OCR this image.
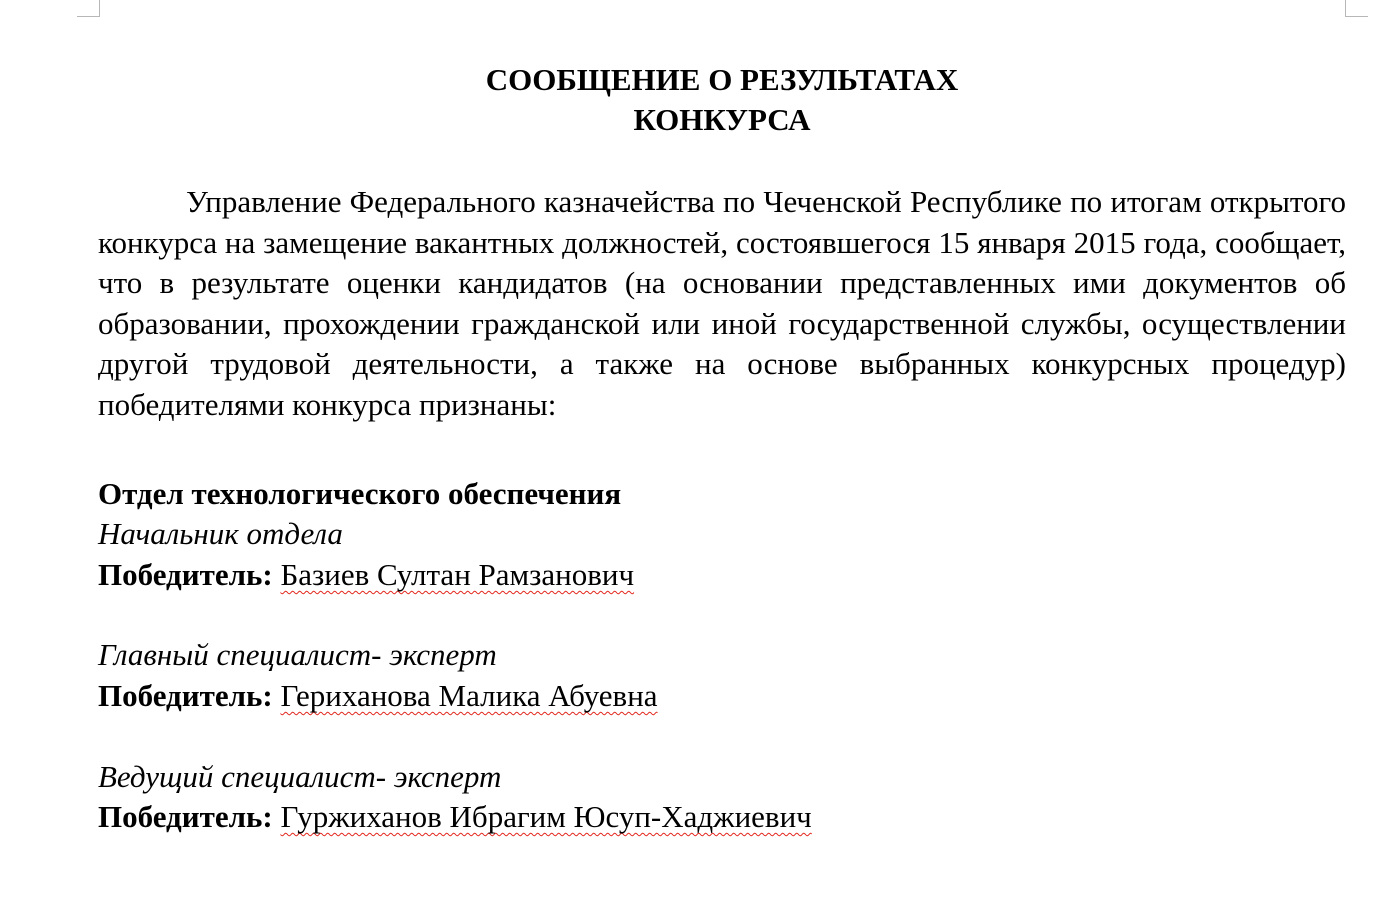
СООБЩЕНИЕ О РЕЗУЛЬТАТАХ
КОНКУРСА

Управление Федерального казначейства по Чеченской Республике по итогам открытого конкурса на замещение вакантных должностей, состоявшегося 15 января 2015 года, сообщает, что в результате оценки кандидатов (на основании представленных ими документов об образовании, прохождении гражданской или иной государственной службы, осуществлении другой трудовой деятельности, а также на основе выбранных конкурсных процедур) победителями конкурса признаны:

Отдел технологического обеспечения

Начальник отдела
Победитель: Базиев Султан Рамзанович
Главный специалист- эксперт
Победитель: Гериханова Малика Абуевна
Ведущий специалист- эксперт
Победитель: Гуржиханов Ибрагим Юсуп-Хаджиевич
